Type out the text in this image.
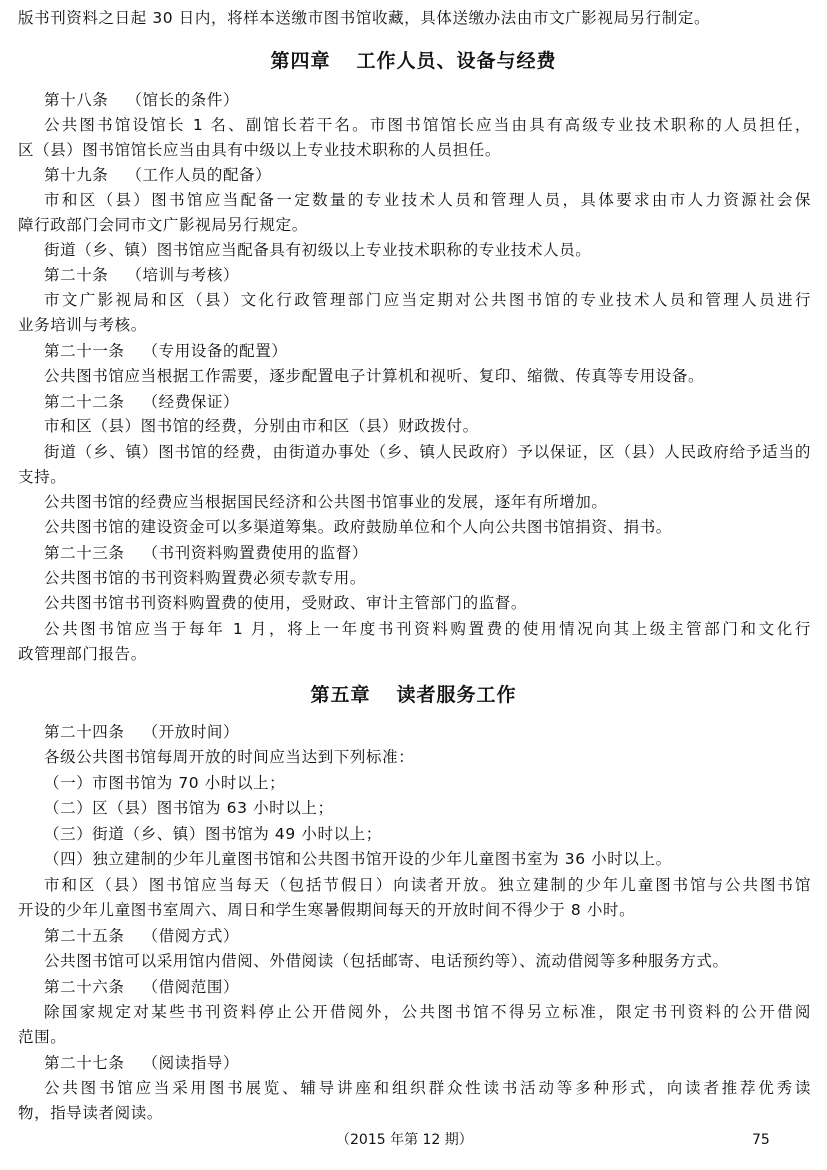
版书刊资料之日起 30 日内，将样本送缴市图书馆收藏，具体送缴办法由市文广影视局另行制定。
第四章 工作人员、设备与经费
第十八条 （馆长的条件）
公共图书馆设馆长 1 名、副馆长若干名。市图书馆馆长应当由具有高级专业技术职称的人员担任，
区（县）图书馆馆长应当由具有中级以上专业技术职称的人员担任。
第十九条 （工作人员的配备）
市和区（县）图书馆应当配备一定数量的专业技术人员和管理人员，具体要求由市人力资源社会保
障行政部门会同市文广影视局另行规定。
街道（乡、镇）图书馆应当配备具有初级以上专业技术职称的专业技术人员。
第二十条 （培训与考核）
市文广影视局和区（县）文化行政管理部门应当定期对公共图书馆的专业技术人员和管理人员进行
业务培训与考核。
第二十一条 （专用设备的配置）
公共图书馆应当根据工作需要，逐步配置电子计算机和视听、复印、缩微、传真等专用设备。
第二十二条 （经费保证）
市和区（县）图书馆的经费，分别由市和区（县）财政拨付。
街道（乡、镇）图书馆的经费，由街道办事处（乡、镇人民政府）予以保证，区（县）人民政府给予适当的
支持。
公共图书馆的经费应当根据国民经济和公共图书馆事业的发展，逐年有所增加。
公共图书馆的建设资金可以多渠道筹集。政府鼓励单位和个人向公共图书馆捐资、捐书。
第二十三条 （书刊资料购置费使用的监督）
公共图书馆的书刊资料购置费必须专款专用。
公共图书馆书刊资料购置费的使用，受财政、审计主管部门的监督。
公共图书馆应当于每年 1 月，将上一年度书刊资料购置费的使用情况向其上级主管部门和文化行
政管理部门报告。
第五章 读者服务工作
第二十四条 （开放时间）
各级公共图书馆每周开放的时间应当达到下列标准：
（一）市图书馆为 70 小时以上；
（二）区（县）图书馆为 63 小时以上；
（三）街道（乡、镇）图书馆为 49 小时以上；
（四）独立建制的少年儿童图书馆和公共图书馆开设的少年儿童图书室为 36 小时以上。
市和区（县）图书馆应当每天（包括节假日）向读者开放。独立建制的少年儿童图书馆与公共图书馆
开设的少年儿童图书室周六、周日和学生寒暑假期间每天的开放时间不得少于 8 小时。
第二十五条 （借阅方式）
公共图书馆可以采用馆内借阅、外借阅读（包括邮寄、电话预约等）、流动借阅等多种服务方式。
第二十六条 （借阅范围）
除国家规定对某些书刊资料停止公开借阅外，公共图书馆不得另立标准，限定书刊资料的公开借阅
范围。
第二十七条 （阅读指导）
公共图书馆应当采用图书展览、辅导讲座和组织群众性读书活动等多种形式，向读者推荐优秀读
物，指导读者阅读。
（2015 年第 12 期）	75
